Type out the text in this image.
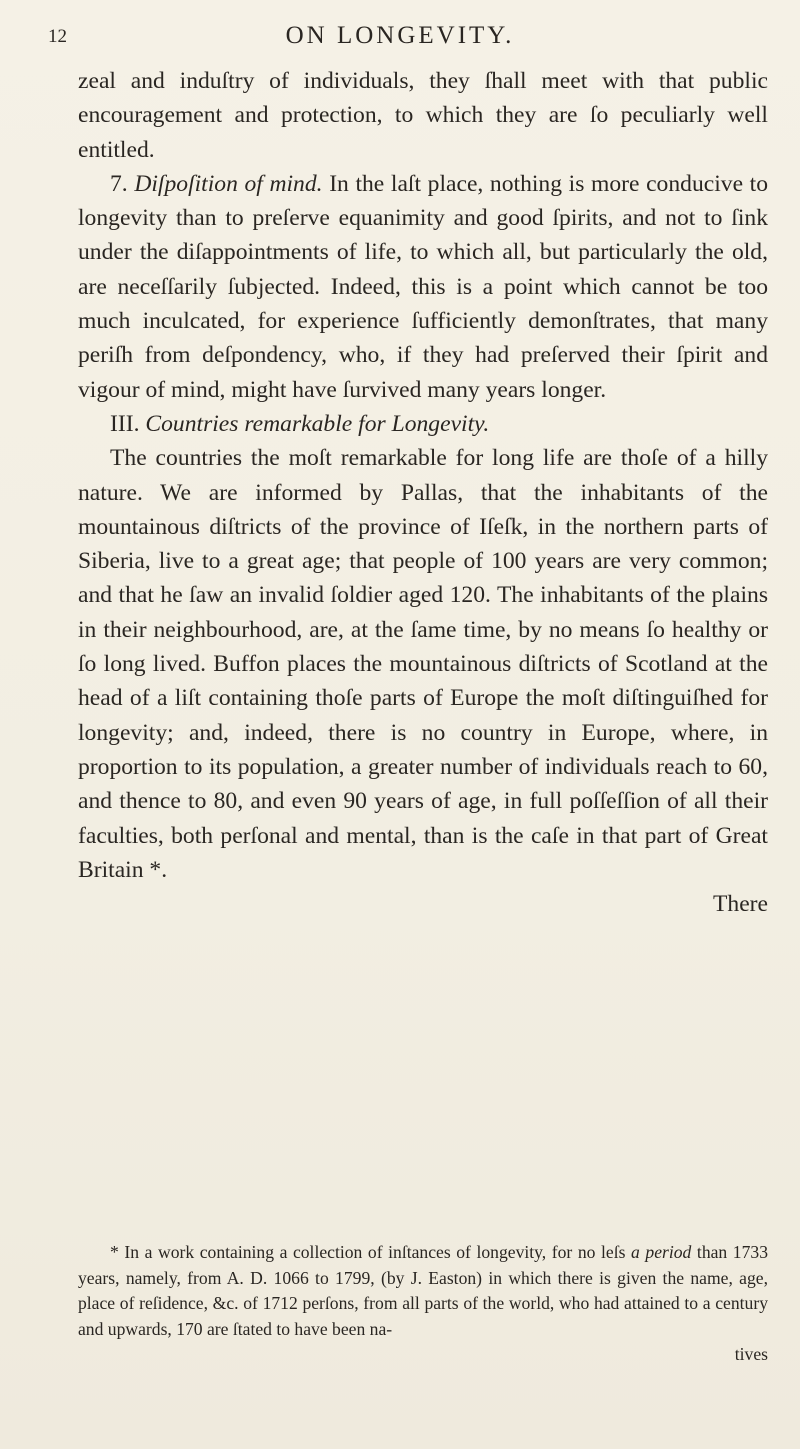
12	ON LONGEVITY.

zeal and induſtry of individuals, they ſhall meet with that public encouragement and protection, to which they are ſo peculiarly well entitled.

7. Diſpoſition of mind. In the laſt place, nothing is more conducive to longevity than to preſerve equanimity and good ſpirits, and not to ſink under the diſappointments of life, to which all, but particularly the old, are neceſſarily ſubjected. Indeed, this is a point which cannot be too much inculcated, for experience ſufficiently demonſtrates, that many periſh from deſpondency, who, if they had preſerved their ſpirit and vigour of mind, might have ſurvived many years longer.

III. Countries remarkable for Longevity.

The countries the moſt remarkable for long life are thoſe of a hilly nature. We are informed by Pallas, that the inhabitants of the mountainous diſtricts of the province of Iſeſk, in the northern parts of Siberia, live to a great age; that people of 100 years are very common; and that he ſaw an invalid ſoldier aged 120. The inhabitants of the plains in their neighbourhood, are, at the ſame time, by no means ſo healthy or ſo long lived. Buffon places the mountainous diſtricts of Scotland at the head of a liſt containing thoſe parts of Europe the moſt diſtinguiſhed for longevity; and, indeed, there is no country in Europe, where, in proportion to its population, a greater number of individuals reach to 60, and thence to 80, and even 90 years of age, in full poſſeſſion of all their faculties, both perſonal and mental, than is the caſe in that part of Great Britain *.

There

* In a work containing a collection of inſtances of longevity, for no leſs a period than 1733 years, namely, from A. D. 1066 to 1799, (by J. Easton) in which there is given the name, age, place of reſidence, &c. of 1712 perſons, from all parts of the world, who had attained to a century and upwards, 170 are ſtated to have been na-

tives
